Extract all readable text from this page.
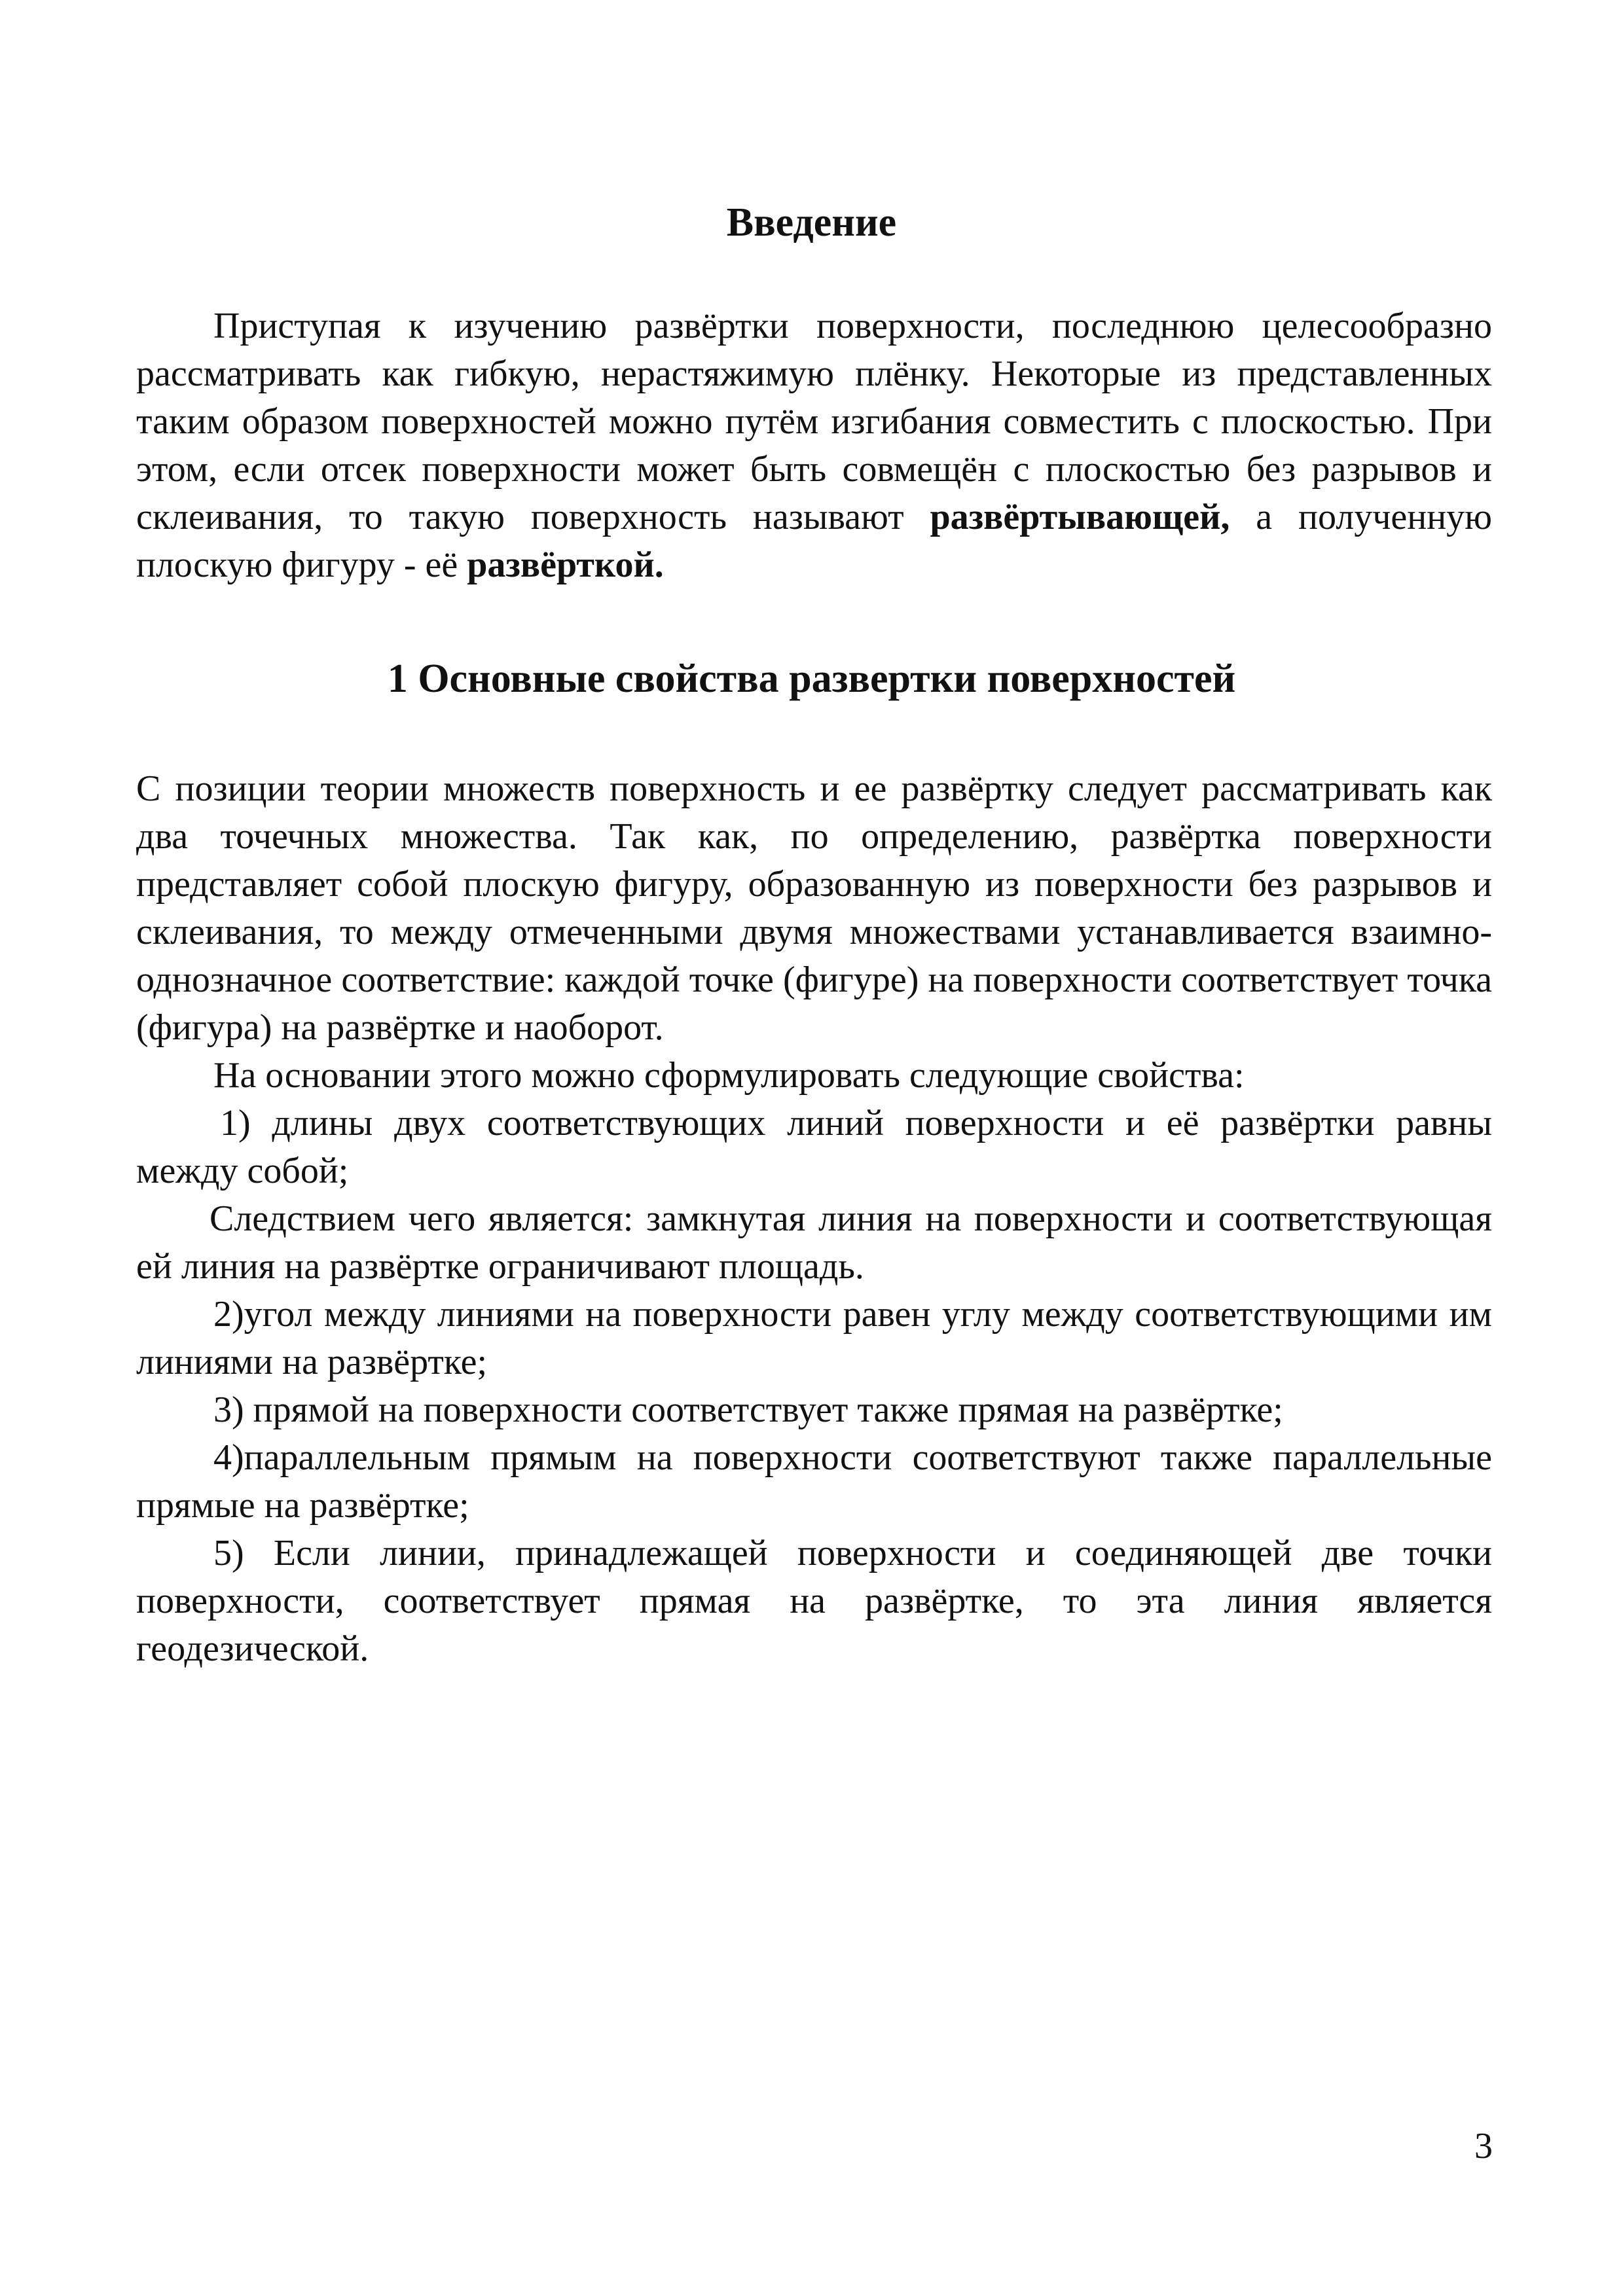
Введение

Приступая к изучению развёртки поверхности, последнюю целесообразно рассматривать как гибкую, нерастяжимую плёнку. Некоторые из представленных таким образом поверхностей можно путём изгибания совместить с плоскостью. При этом, если отсек поверхности может быть совмещён с плоскостью без разрывов и склеивания, то такую поверхность называют развёртывающей, а полученную плоскую фигуру - её развёрткой.

1 Основные свойства развертки поверхностей

С позиции теории множеств поверхность и ее развёртку следует рассматривать как два точечных множества. Так как, по определению, развёртка поверхности представляет собой плоскую фигуру, образованную из поверхности без разрывов и склеивания, то между отмеченными двумя множествами устанавливается взаимно-однозначное соответствие: каждой точке (фигуре) на поверхности соответствует точка (фигура) на развёртке и наоборот.

На основании этого можно сформулировать следующие свойства:

1) длины двух соответствующих линий поверхности и её развёртки равны между собой;

Следствием чего является: замкнутая линия на поверхности и соответствующая ей линия на развёртке ограничивают площадь.

2)угол между линиями на поверхности равен углу между соответствующими им линиями на развёртке;

3) прямой на поверхности соответствует также прямая на развёртке;

4)параллельным прямым на поверхности соответствуют также параллельные прямые на развёртке;

5) Если линии, принадлежащей поверхности и соединяющей две точки поверхности, соответствует прямая на развёртке, то эта линия является геодезической.

3
